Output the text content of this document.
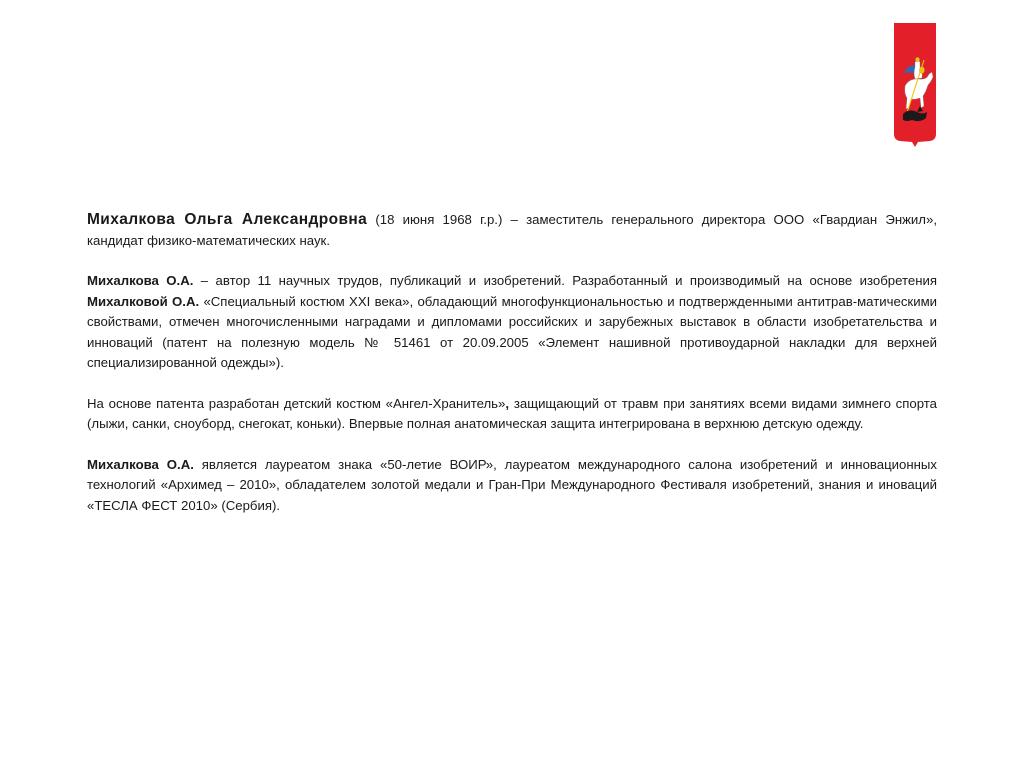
Михалкова Ольга Александровна (18 июня 1968 г.р.) – заместитель генерального директора ООО «Гвардиан Энжил», кандидат физико-математических наук.

Михалкова О.А. – автор 11 научных трудов, публикаций и изобретений. Разработанный и производимый на основе изобретения Михалковой О.А. «Специальный костюм XXI века», обладающий многофункциональностью и подтвержденными антитрав-матическими свойствами, отмечен многочисленными наградами и дипломами российских и зарубежных выставок в области изобретательства и инноваций (патент на полезную модель № 51461 от 20.09.2005 «Элемент нашивной противоударной накладки для верхней специализированной одежды»).

На основе патента разработан детский костюм «Ангел-Хранитель», защищающий от травм при занятиях всеми видами зимнего спорта (лыжи, санки, сноуборд, снегокат, коньки). Впервые полная анатомическая защита интегрирована в верхнюю детскую одежду.

Михалкова О.А. является лауреатом знака «50-летие ВОИР», лауреатом международного салона изобретений и инновационных технологий «Архимед – 2010», обладателем золотой медали и Гран-При Международного Фестиваля изобретений, знания и иноваций «ТЕСЛА ФЕСТ 2010» (Сербия).
